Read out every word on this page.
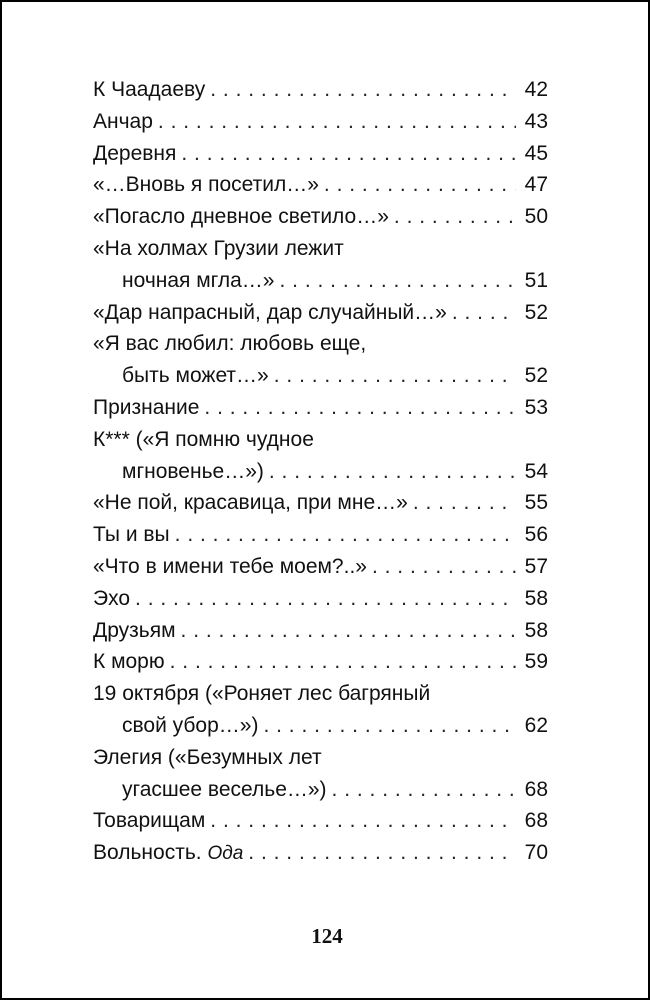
К Чаадаеву . . .	42
Анчар . . .	43
Деревня . . .	45
«…Вновь я посетил…» . . .	47
«Погасло дневное светило…» . . .	50
«На холмах Грузии лежит
ночная мгла…» . . .	51
«Дар напрасный, дар случайный…» . . .	52
«Я вас любил: любовь еще,
быть может…» . . .	52
Признание . . .	53
К*** («Я помню чудное
мгновенье…») . . .	54
«Не пой, красавица, при мне…» . . .	55
Ты и вы . . .	56
«Что в имени тебе моем?..» . . .	57
Эхо . . .	58
Друзьям . . .	58
К морю . . .	59
19 октября («Роняет лес багряный
свой убор…») . . .	62
Элегия («Безумных лет
угасшее веселье…») . . .	68
Товарищам . . .	68
Вольность. Ода . . .	70
124
